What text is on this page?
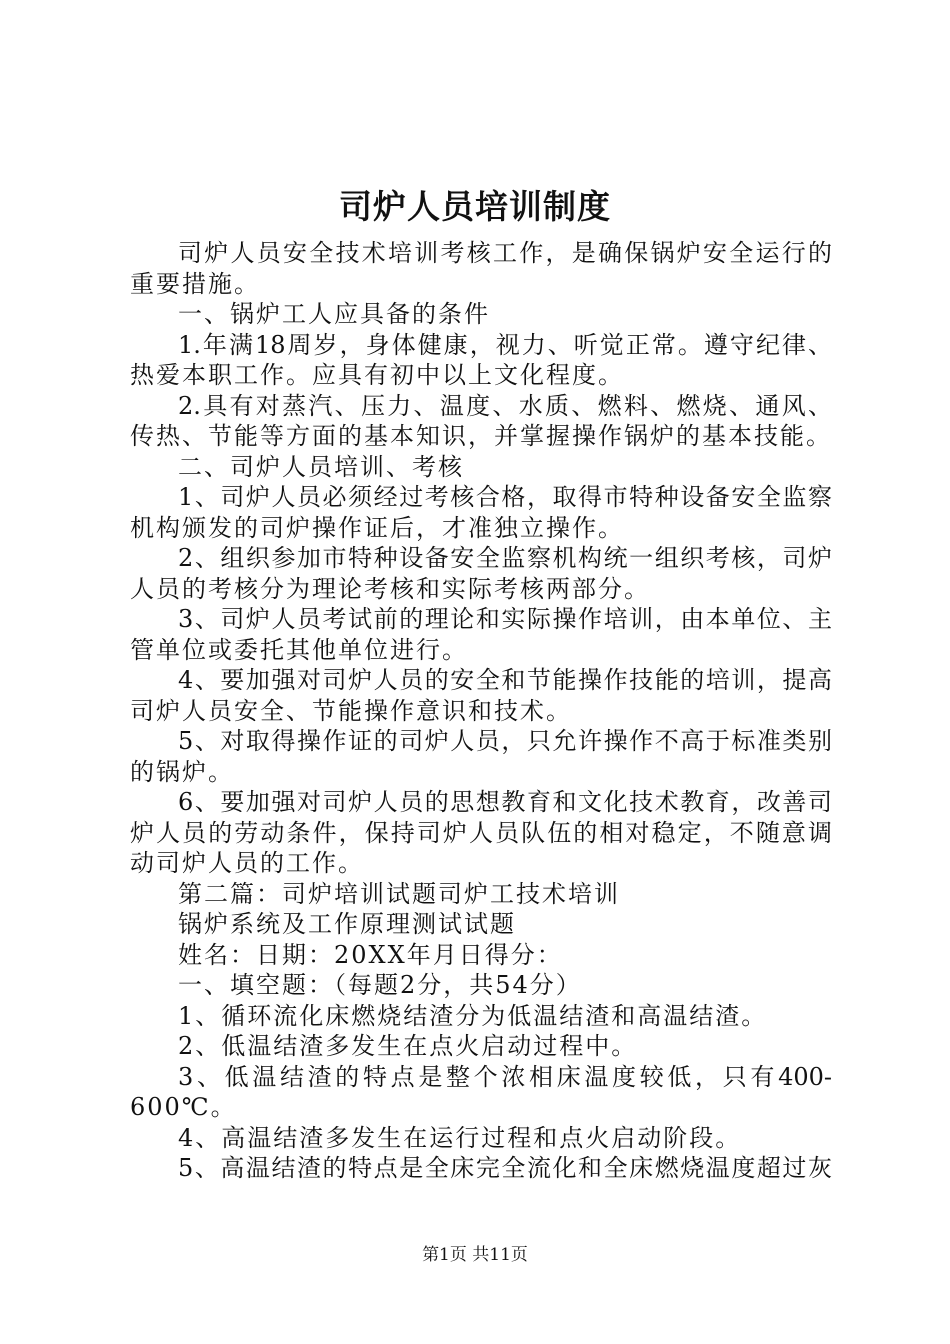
司炉人员培训制度
司炉人员安全技术培训考核工作，是确保锅炉安全运行的
重要措施。
一、锅炉工人应具备的条件
1.年满18周岁，身体健康，视力、听觉正常。遵守纪律、
热爱本职工作。应具有初中以上文化程度。
2.具有对蒸汽、压力、温度、水质、燃料、燃烧、通风、
传热、节能等方面的基本知识，并掌握操作锅炉的基本技能。
二、司炉人员培训、考核
1、司炉人员必须经过考核合格，取得市特种设备安全监察
机构颁发的司炉操作证后，才准独立操作。
2、组织参加市特种设备安全监察机构统一组织考核，司炉
人员的考核分为理论考核和实际考核两部分。
3、司炉人员考试前的理论和实际操作培训，由本单位、主
管单位或委托其他单位进行。
4、要加强对司炉人员的安全和节能操作技能的培训，提高
司炉人员安全、节能操作意识和技术。
5、对取得操作证的司炉人员，只允许操作不高于标准类别
的锅炉。
6、要加强对司炉人员的思想教育和文化技术教育，改善司
炉人员的劳动条件，保持司炉人员队伍的相对稳定，不随意调
动司炉人员的工作。
第二篇：司炉培训试题司炉工技术培训
锅炉系统及工作原理测试试题
姓名：日期：20XX年月日得分：
一、填空题：（每题2分，共54分）
1、循环流化床燃烧结渣分为低温结渣和高温结渣。
2、低温结渣多发生在点火启动过程中。
3、低温结渣的特点是整个浓相床温度较低，只有400-
600℃。
4、高温结渣多发生在运行过程和点火启动阶段。
5、高温结渣的特点是全床完全流化和全床燃烧温度超过灰
第1页 共11页
